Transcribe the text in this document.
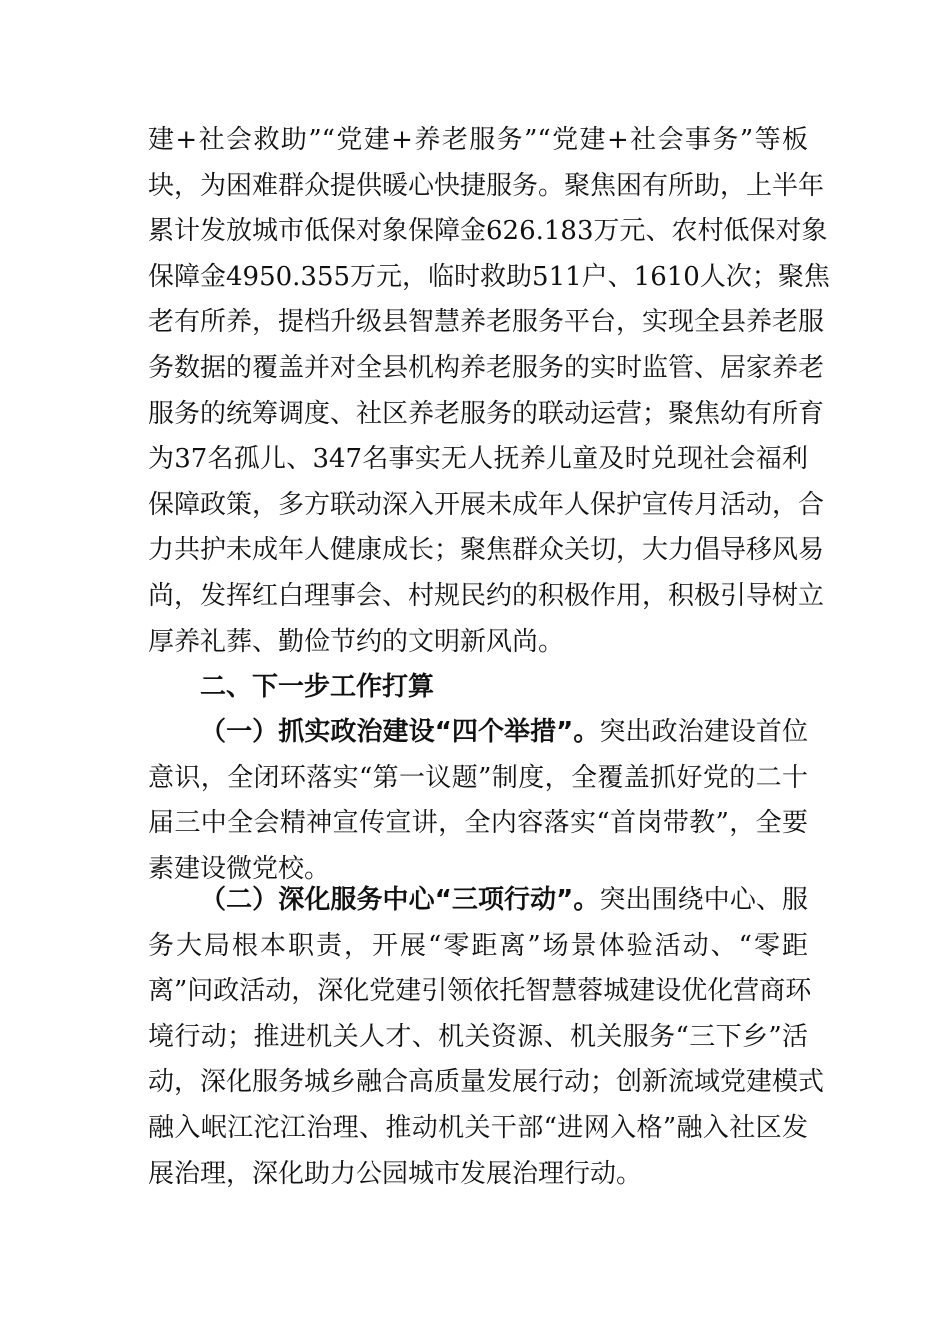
建+社会救助”“党建+养老服务”“党建+社会事务”等板
块，为困难群众提供暖心快捷服务。聚焦困有所助，上半年
累计发放城市低保对象保障金626.183万元、农村低保对象
保障金4950.355万元，临时救助511户、1610人次；聚焦
老有所养，提档升级县智慧养老服务平台，实现全县养老服
务数据的覆盖并对全县机构养老服务的实时监管、居家养老
服务的统筹调度、社区养老服务的联动运营；聚焦幼有所育
为37名孤儿、347名事实无人抚养儿童及时兑现社会福利
保障政策，多方联动深入开展未成年人保护宣传月活动，合
力共护未成年人健康成长；聚焦群众关切，大力倡导移风易
尚，发挥红白理事会、村规民约的积极作用，积极引导树立
厚养礼葬、勤俭节约的文明新风尚。
二、下一步工作打算
（一）抓实政治建设“四个举措”。突出政治建设首位
意识，全闭环落实“第一议题”制度，全覆盖抓好党的二十
届三中全会精神宣传宣讲，全内容落实“首岗带教”，全要
素建设微党校。
（二）深化服务中心“三项行动”。突出围绕中心、服
务大局根本职责，开展“零距离”场景体验活动、“零距
离”问政活动，深化党建引领依托智慧蓉城建设优化营商环
境行动；推进机关人才、机关资源、机关服务“三下乡”活
动，深化服务城乡融合高质量发展行动；创新流域党建模式
融入岷江沱江治理、推动机关干部“进网入格”融入社区发
展治理，深化助力公园城市发展治理行动。
